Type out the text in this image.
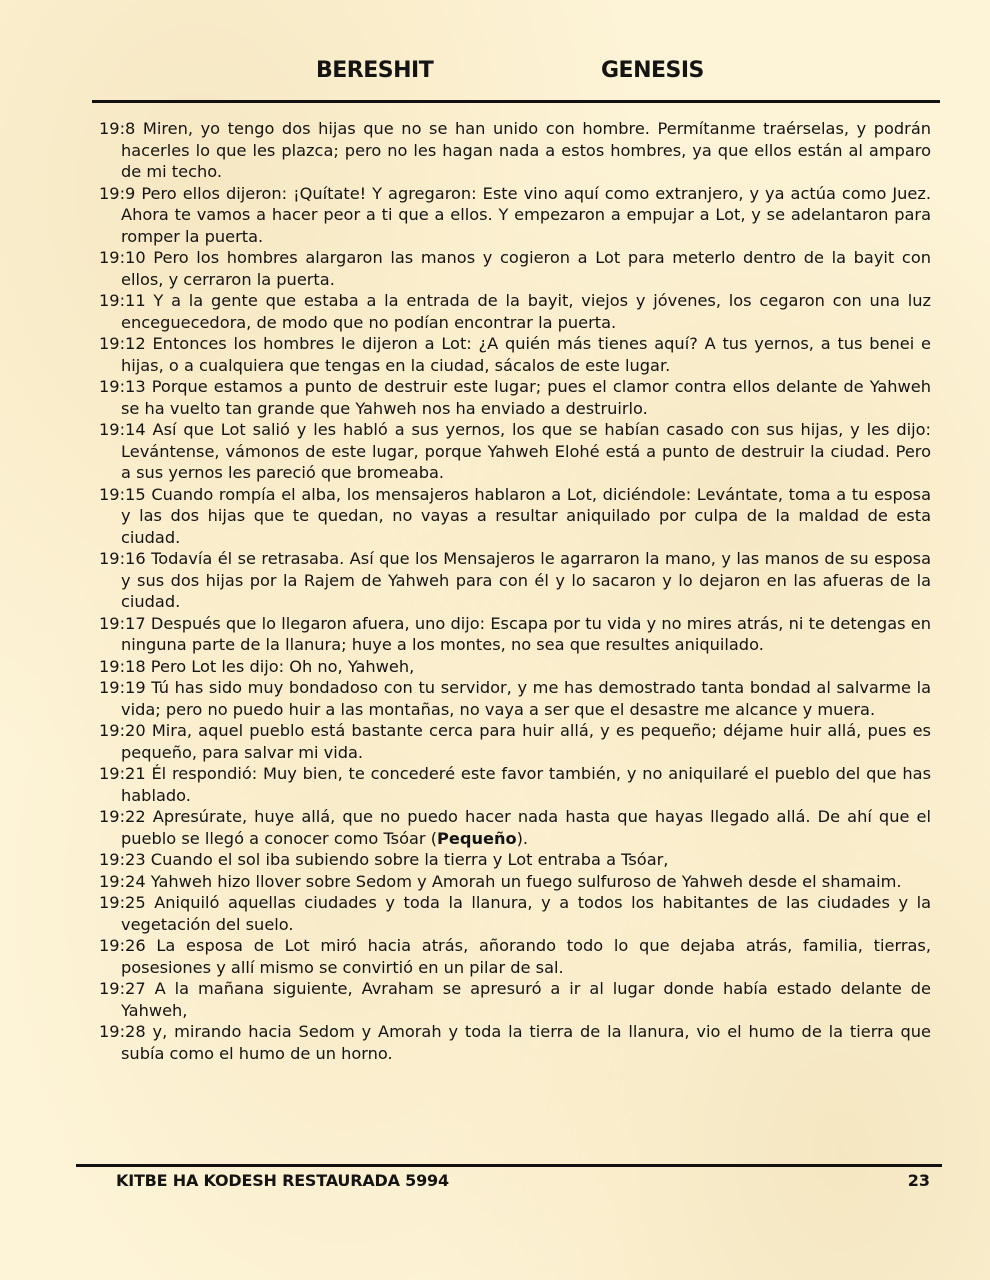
BERESHIT	GENESIS

19:8 Miren, yo tengo dos hijas que no se han unido con hombre. Permítanme traérselas, y podrán hacerles lo que les plazca; pero no les hagan nada a estos hombres, ya que ellos están al amparo de mi techo.

19:9 Pero ellos dijeron: ¡Quítate! Y agregaron: Este vino aquí como extranjero, y ya actúa como Juez. Ahora te vamos a hacer peor a ti que a ellos. Y empezaron a empujar a Lot, y se adelantaron para romper la puerta.

19:10 Pero los hombres alargaron las manos y cogieron a Lot para meterlo dentro de la bayit con ellos, y cerraron la puerta.

19:11 Y a la gente que estaba a la entrada de la bayit, viejos y jóvenes, los cegaron con una luz enceguecedora, de modo que no podían encontrar la puerta.

19:12 Entonces los hombres le dijeron a Lot: ¿A quién más tienes aquí? A tus yernos, a tus benei e hijas, o a cualquiera que tengas en la ciudad, sácalos de este lugar.

19:13 Porque estamos a punto de destruir este lugar; pues el clamor contra ellos delante de Yahweh se ha vuelto tan grande que Yahweh nos ha enviado a destruirlo.

19:14 Así que Lot salió y les habló a sus yernos, los que se habían casado con sus hijas, y les dijo: Levántense, vámonos de este lugar, porque Yahweh Elohé está a punto de destruir la ciudad. Pero a sus yernos les pareció que bromeaba.

19:15 Cuando rompía el alba, los mensajeros hablaron a Lot, diciéndole: Levántate, toma a tu esposa y las dos hijas que te quedan, no vayas a resultar aniquilado por culpa de la maldad de esta ciudad.

19:16 Todavía él se retrasaba. Así que los Mensajeros le agarraron la mano, y las manos de su esposa y sus dos hijas por la Rajem de Yahweh para con él y lo sacaron y lo dejaron en las afueras de la ciudad.

19:17 Después que lo llegaron afuera, uno dijo: Escapa por tu vida y no mires atrás, ni te detengas en ninguna parte de la llanura; huye a los montes, no sea que resultes aniquilado.

19:18 Pero Lot les dijo: Oh no, Yahweh,

19:19 Tú has sido muy bondadoso con tu servidor, y me has demostrado tanta bondad al salvarme la vida; pero no puedo huir a las montañas, no vaya a ser que el desastre me alcance y muera.

19:20 Mira, aquel pueblo está bastante cerca para huir allá, y es pequeño; déjame huir allá, pues es pequeño, para salvar mi vida.

19:21 Él respondió: Muy bien, te concederé este favor también, y no aniquilaré el pueblo del que has hablado.

19:22 Apresúrate, huye allá, que no puedo hacer nada hasta que hayas llegado allá. De ahí que el pueblo se llegó a conocer como Tsóar (Pequeño).

19:23 Cuando el sol iba subiendo sobre la tierra y Lot entraba a Tsóar,

19:24 Yahweh hizo llover sobre Sedom y Amorah un fuego sulfuroso de Yahweh desde el shamaim.

19:25 Aniquiló aquellas ciudades y toda la llanura, y a todos los habitantes de las ciudades y la vegetación del suelo.

19:26 La esposa de Lot miró hacia atrás, añorando todo lo que dejaba atrás, familia, tierras, posesiones y allí mismo se convirtió en un pilar de sal.

19:27 A la mañana siguiente, Avraham se apresuró a ir al lugar donde había estado delante de Yahweh,

19:28 y, mirando hacia Sedom y Amorah y toda la tierra de la llanura, vio el humo de la tierra que subía como el humo de un horno.

KITBE HA KODESH RESTAURADA 5994	23
